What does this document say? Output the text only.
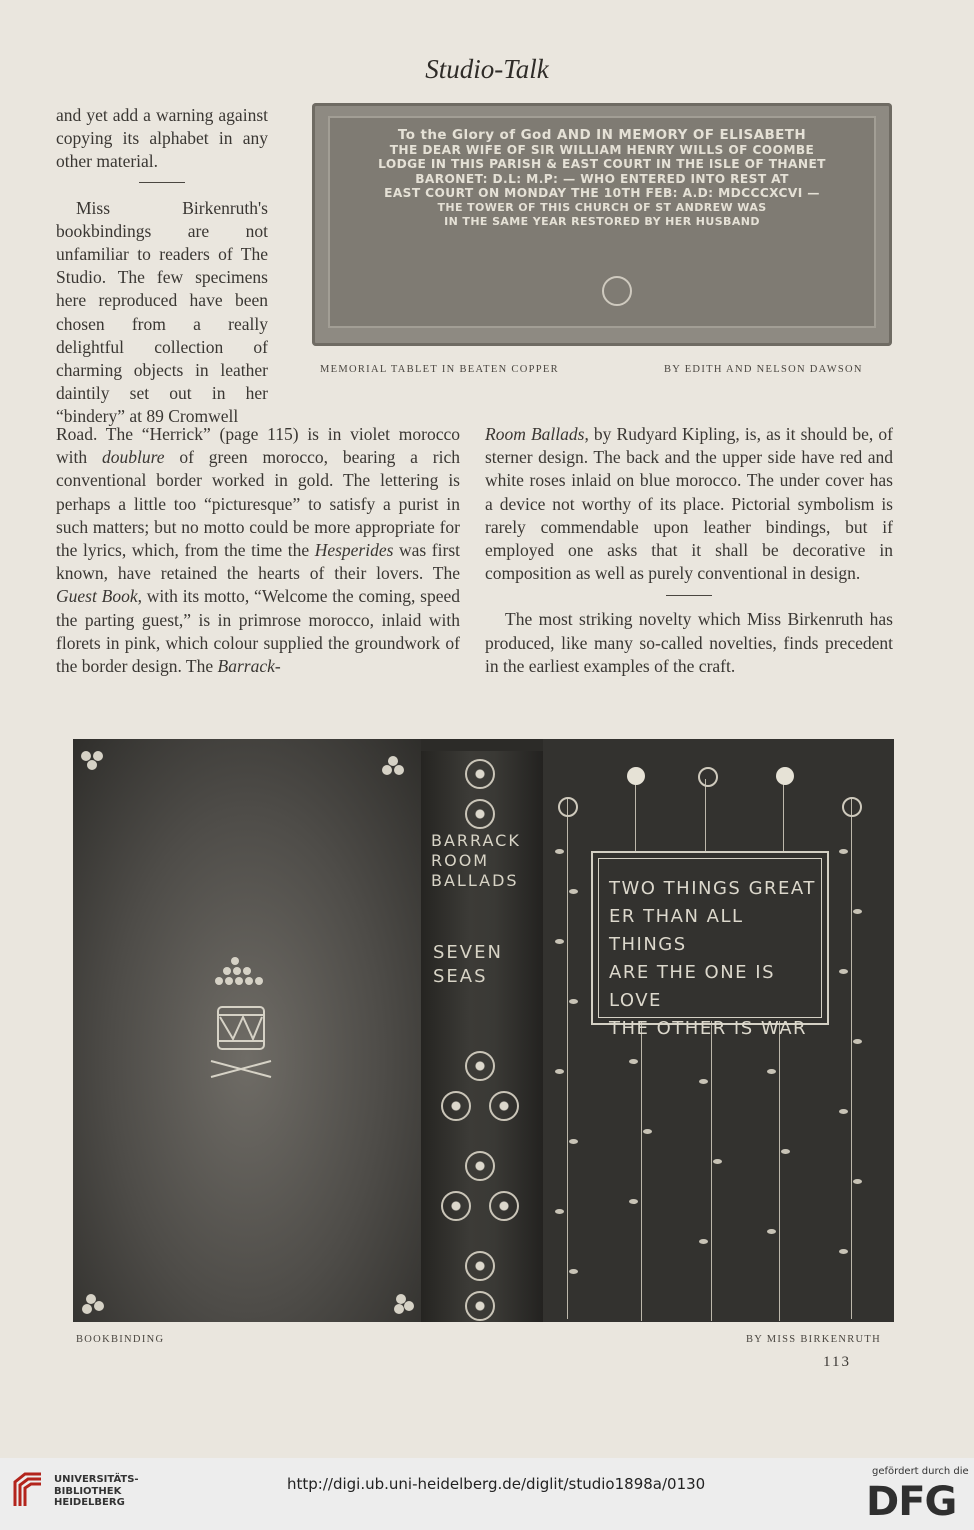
Studio-Talk

and yet add a warning against copying its alphabet in any other material.

Miss Birkenruth's bookbindings are not unfamiliar to readers of The Studio. The few specimens here reproduced have been chosen from a really delightful collection of charming objects in leather daintily set out in her “bindery” at 89 Cromwell

To the Glory of God AND IN MEMORY OF ELISABETH
THE DEAR WIFE OF SIR WILLIAM HENRY WILLS OF COOMBE
LODGE IN THIS PARISH & EAST COURT IN THE ISLE OF THANET
BARONET: D.L: M.P: — WHO ENTERED INTO REST AT
EAST COURT ON MONDAY THE 10TH FEB: A.D: MDCCCXCVI —
THE TOWER OF THIS CHURCH OF ST ANDREW WAS
IN THE SAME YEAR RESTORED BY HER HUSBAND
MEMORIAL TABLET IN BEATEN COPPER	BY EDITH AND NELSON DAWSON
Road. The “Herrick” (page 115) is in violet morocco with doublure of green morocco, bearing a rich conventional border worked in gold. The lettering is perhaps a little too “picturesque” to satisfy a purist in such matters; but no motto could be more appropriate for the lyrics, which, from the time the Hesperides was first known, have retained the hearts of their lovers. The Guest Book, with its motto, “Welcome the coming, speed the parting guest,” is in primrose morocco, inlaid with florets in pink, which colour supplied the groundwork of the border design. The Barrack-

Room Ballads, by Rudyard Kipling, is, as it should be, of sterner design. The back and the upper side have red and white roses inlaid on blue morocco. The under cover has a device not worthy of its place. Pictorial symbolism is rarely commendable upon leather bindings, but if employed one asks that it shall be decorative in composition as well as purely conventional in design.

The most striking novelty which Miss Birkenruth has produced, like many so-called novelties, finds precedent in the earliest examples of the craft.

BARRACK
ROOM
BALLADS
SEVEN
SEAS
TWO THINGS GREAT
ER THAN ALL THINGS
ARE THE ONE IS LOVE
THE OTHER IS WAR
BOOKBINDING	BY MISS BIRKENRUTH
113
UNIVERSITÄTS-
BIBLIOTHEK
HEIDELBERG
http://digi.ub.uni-heidelberg.de/diglit/studio1898a/0130
gefördert durch die
DFG
